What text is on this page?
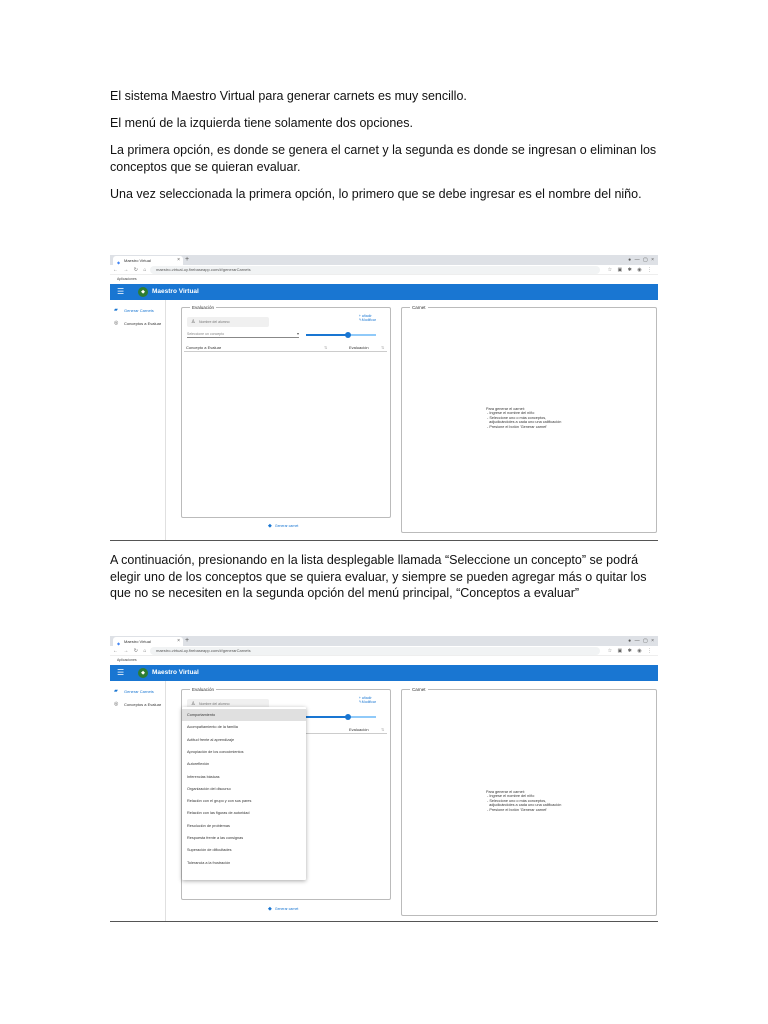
El sistema Maestro Virtual para generar carnets es muy sencillo.

El menú de la izquierda tiene solamente dos opciones.

La primera opción, es donde se genera el carnet y la segunda es donde se ingresan o eliminan los conceptos que se quieran evaluar.

Una vez seleccionada la primera opción, lo primero que se debe ingresar es el nombre del niño.

◆ Maestro Virtual	× +	● — ▢ ×
← → ↻ ⌂	maestro-virtual-uy.firebaseapp.com/#/generarCarnets	☆ ▣ ✱ ◉ ⋮
Aplicaciones
☰	◆	Maestro Virtual
▰ Generar Carnets
◎ Conceptos a Evaluar
Evaluación
♙ Nombre del alumno
+ añadir
✎Modificar
Seleccione un concepto	▾
Concepto a Evaluar	⇅	Evaluación	⇅
◆ Generar carnet
Carnet
Para generar el carnet:
- Ingrese el nombre del niño
- Seleccione uno o más conceptos,
adjudicándoles a cada uno una calificación
- Presione el botón 'Generar carnet'

A continuación, presionando en la lista desplegable llamada “Seleccione un concepto” se podrá elegir uno de los conceptos que se quiera evaluar, y siempre se pueden agregar más o quitar los que no se necesiten en la segunda opción del menú principal, “Conceptos a evaluar”

◆ Maestro Virtual	× +	● — ▢ ×
← → ↻ ⌂	maestro-virtual-uy.firebaseapp.com/#/generarCarnets	☆ ▣ ✱ ◉ ⋮
Aplicaciones
☰	◆	Maestro Virtual
▰ Generar Carnets
◎ Conceptos a Evaluar
Evaluación
♙ Nombre del alumno
+ añadir
✎Modificar
Evaluación	⇅
◆ Generar carnet
Carnet
Para generar el carnet:
- Ingrese el nombre del niño
- Seleccione uno o más conceptos,
adjudicándoles a cada uno una calificación
- Presione el botón 'Generar carnet'
Comportamiento
Acompañamiento de la familia
Actitud frente al aprendizaje
Apropiación de los conocimientos
Autoreflexión
Inferencias básicas
Organización del discurso
Relación con el grupo y con sus pares
Relación con las figuras de autoridad
Resolución de problemas
Respuesta frente a las consignas
Superación de dificultades
Tolerancia a la frustración
